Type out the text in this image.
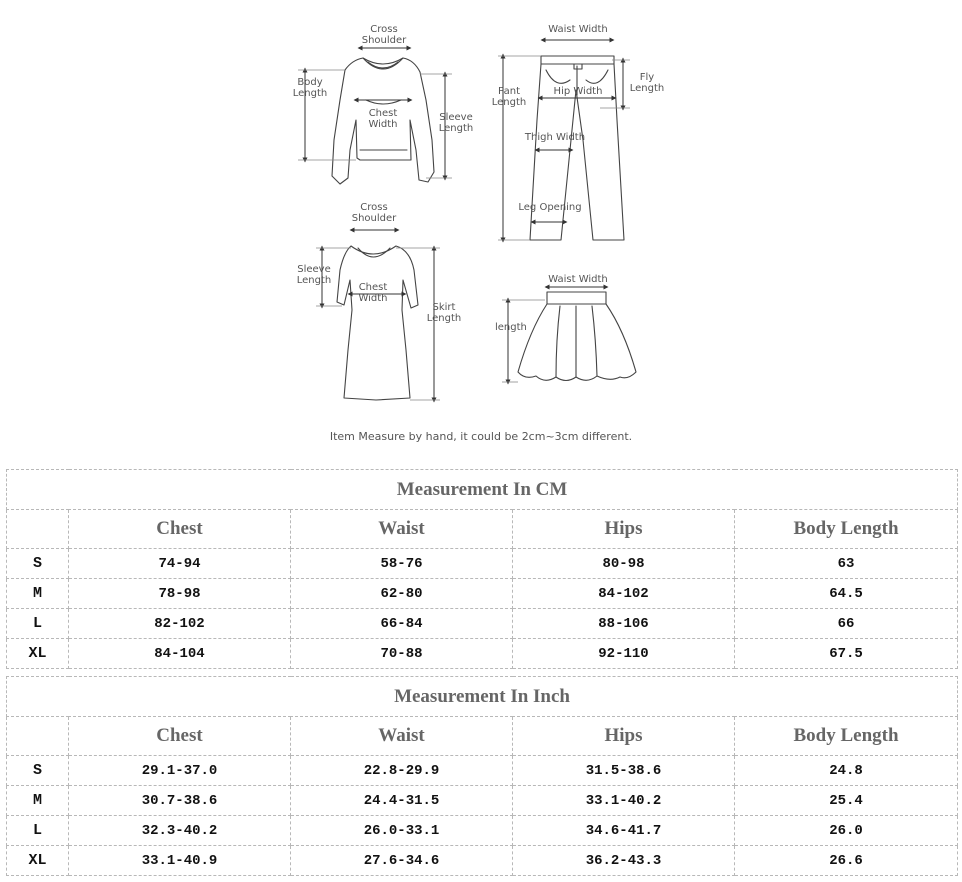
Cross
Shoulder
Body
Length
Chest
Width
Sleeve
Length
Waist Width
Pant
Length
Hip Width
Fly
Length
Thigh Width
Leg Opening
Cross
Shoulder
Sleeve
Length
Chest
Width
Skirt
Length
Waist Width
length
Item Measure by hand, it could be 2cm~3cm different.
Measurement In CM				
	Chest	Waist	Hips	Body Length
S	74-94	58-76	80-98	63
M	78-98	62-80	84-102	64.5
L	82-102	66-84	88-106	66
XL	84-104	70-88	92-110	67.5
Measurement In Inch				
	Chest	Waist	Hips	Body Length
S	29.1-37.0	22.8-29.9	31.5-38.6	24.8
M	30.7-38.6	24.4-31.5	33.1-40.2	25.4
L	32.3-40.2	26.0-33.1	34.6-41.7	26.0
XL	33.1-40.9	27.6-34.6	36.2-43.3	26.6
